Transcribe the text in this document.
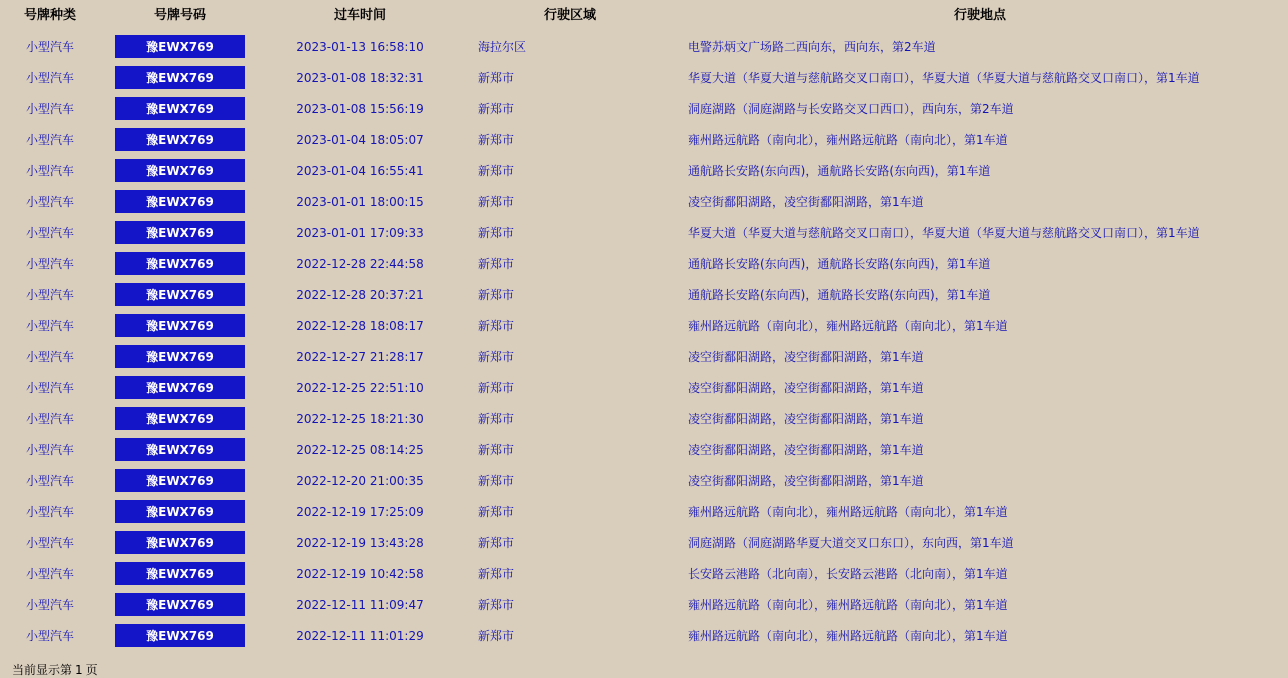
号牌种类	号牌号码	过车时间	行驶区域	行驶地点
小型汽车	豫EWX769	2023-01-13 16:58:10	海拉尔区	电警苏炳文广场路二西向东，西向东，第2车道
小型汽车	豫EWX769	2023-01-08 18:32:31	新郑市	华夏大道（华夏大道与慈航路交叉口南口），华夏大道（华夏大道与慈航路交叉口南口），第1车道
小型汽车	豫EWX769	2023-01-08 15:56:19	新郑市	洞庭湖路（洞庭湖路与长安路交叉口西口），西向东，第2车道
小型汽车	豫EWX769	2023-01-04 18:05:07	新郑市	雍州路远航路（南向北），雍州路远航路（南向北），第1车道
小型汽车	豫EWX769	2023-01-04 16:55:41	新郑市	通航路长安路(东向西)，通航路长安路(东向西)，第1车道
小型汽车	豫EWX769	2023-01-01 18:00:15	新郑市	凌空街鄱阳湖路，凌空街鄱阳湖路，第1车道
小型汽车	豫EWX769	2023-01-01 17:09:33	新郑市	华夏大道（华夏大道与慈航路交叉口南口），华夏大道（华夏大道与慈航路交叉口南口），第1车道
小型汽车	豫EWX769	2022-12-28 22:44:58	新郑市	通航路长安路(东向西)，通航路长安路(东向西)，第1车道
小型汽车	豫EWX769	2022-12-28 20:37:21	新郑市	通航路长安路(东向西)，通航路长安路(东向西)，第1车道
小型汽车	豫EWX769	2022-12-28 18:08:17	新郑市	雍州路远航路（南向北），雍州路远航路（南向北），第1车道
小型汽车	豫EWX769	2022-12-27 21:28:17	新郑市	凌空街鄱阳湖路，凌空街鄱阳湖路，第1车道
小型汽车	豫EWX769	2022-12-25 22:51:10	新郑市	凌空街鄱阳湖路，凌空街鄱阳湖路，第1车道
小型汽车	豫EWX769	2022-12-25 18:21:30	新郑市	凌空街鄱阳湖路，凌空街鄱阳湖路，第1车道
小型汽车	豫EWX769	2022-12-25 08:14:25	新郑市	凌空街鄱阳湖路，凌空街鄱阳湖路，第1车道
小型汽车	豫EWX769	2022-12-20 21:00:35	新郑市	凌空街鄱阳湖路，凌空街鄱阳湖路，第1车道
小型汽车	豫EWX769	2022-12-19 17:25:09	新郑市	雍州路远航路（南向北），雍州路远航路（南向北），第1车道
小型汽车	豫EWX769	2022-12-19 13:43:28	新郑市	洞庭湖路（洞庭湖路华夏大道交叉口东口），东向西，第1车道
小型汽车	豫EWX769	2022-12-19 10:42:58	新郑市	长安路云港路（北向南），长安路云港路（北向南），第1车道
小型汽车	豫EWX769	2022-12-11 11:09:47	新郑市	雍州路远航路（南向北），雍州路远航路（南向北），第1车道
小型汽车	豫EWX769	2022-12-11 11:01:29	新郑市	雍州路远航路（南向北），雍州路远航路（南向北），第1车道
当前显示第 1 页
